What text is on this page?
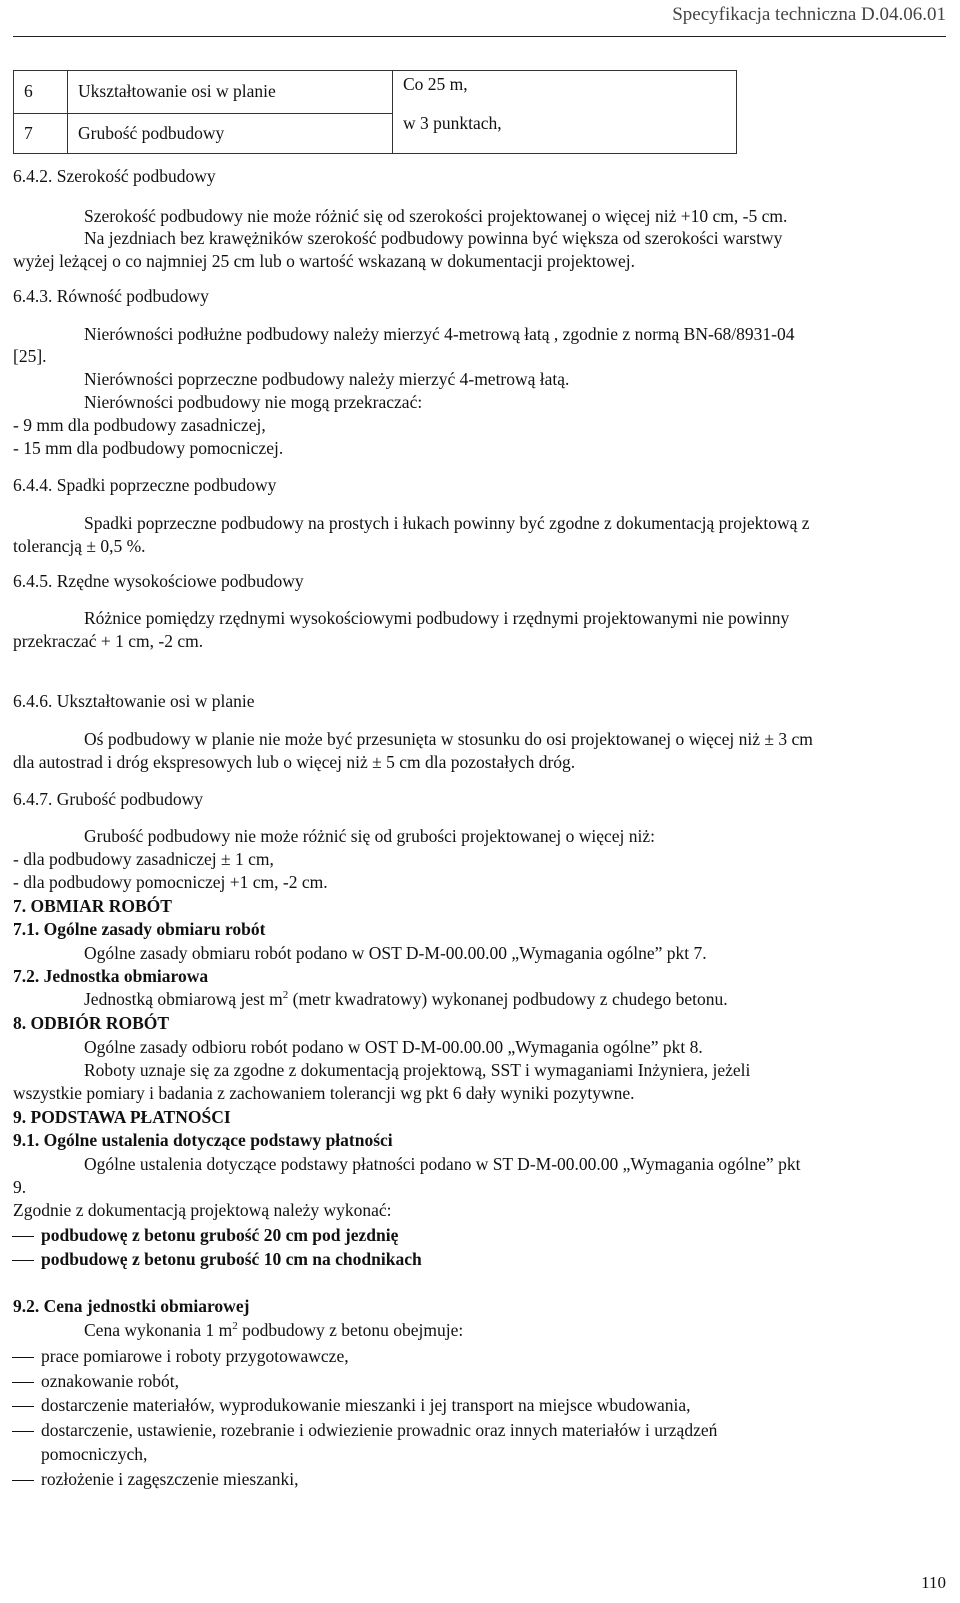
Specyfikacja techniczna D.04.06.01
6	Ukształtowanie osi w planie	Co 25 m,
7	Grubość podbudowy	w 3 punktach,
6.4.2. Szerokość podbudowy
Szerokość podbudowy nie może różnić się od szerokości projektowanej o więcej niż +10 cm, -5 cm.
Na jezdniach bez krawężników szerokość podbudowy powinna być większa od szerokości warstwy
wyżej leżącej o co najmniej 25 cm lub o wartość wskazaną w dokumentacji projektowej.
6.4.3. Równość podbudowy
Nierówności podłużne podbudowy należy mierzyć 4-metrową łatą , zgodnie z normą BN-68/8931-04
[25].
Nierówności poprzeczne podbudowy należy mierzyć 4-metrową łatą.
Nierówności podbudowy nie mogą przekraczać:
- 9 mm dla podbudowy zasadniczej,
- 15 mm dla podbudowy pomocniczej.
6.4.4. Spadki poprzeczne podbudowy
Spadki poprzeczne podbudowy na prostych i łukach powinny być zgodne z dokumentacją projektową z
tolerancją ± 0,5 %.
6.4.5. Rzędne wysokościowe podbudowy
Różnice pomiędzy rzędnymi wysokościowymi podbudowy i rzędnymi projektowanymi nie powinny
przekraczać + 1 cm, -2 cm.
6.4.6. Ukształtowanie osi w planie
Oś podbudowy w planie nie może być przesunięta w stosunku do osi projektowanej o więcej niż ± 3 cm
dla autostrad i dróg ekspresowych lub o więcej niż ± 5 cm dla pozostałych dróg.
6.4.7. Grubość podbudowy
Grubość podbudowy nie może różnić się od grubości projektowanej o więcej niż:
- dla podbudowy zasadniczej ± 1 cm,
- dla podbudowy pomocniczej +1 cm, -2 cm.
7. OBMIAR ROBÓT
7.1. Ogólne zasady obmiaru robót
Ogólne zasady obmiaru robót podano w OST D-M-00.00.00 „Wymagania ogólne” pkt 7.
7.2. Jednostka obmiarowa
Jednostką obmiarową jest $m^2$ (metr kwadratowy) wykonanej podbudowy z chudego betonu.
8. ODBIÓR ROBÓT
Ogólne zasady odbioru robót podano w OST D-M-00.00.00 „Wymagania ogólne” pkt 8.
Roboty uznaje się za zgodne z dokumentacją projektową, SST i wymaganiami Inżyniera, jeżeli
wszystkie pomiary i badania z zachowaniem tolerancji wg pkt 6 dały wyniki pozytywne.
9. PODSTAWA PŁATNOŚCI
9.1. Ogólne ustalenia dotyczące podstawy płatności
Ogólne ustalenia dotyczące podstawy płatności podano w ST D-M-00.00.00 „Wymagania ogólne” pkt
9.
Zgodnie z dokumentacją projektową należy wykonać:
podbudowę z betonu grubość 20 cm pod jezdnię
podbudowę z betonu grubość 10 cm na chodnikach
9.2. Cena jednostki obmiarowej
Cena wykonania 1 $m^2$ podbudowy z betonu obejmuje:
prace pomiarowe i roboty przygotowawcze,
oznakowanie robót,
dostarczenie materiałów, wyprodukowanie mieszanki i jej transport na miejsce wbudowania,
dostarczenie, ustawienie, rozebranie i odwiezienie prowadnic oraz innych materiałów i urządzeń
pomocniczych,
rozłożenie i zagęszczenie mieszanki,
110
